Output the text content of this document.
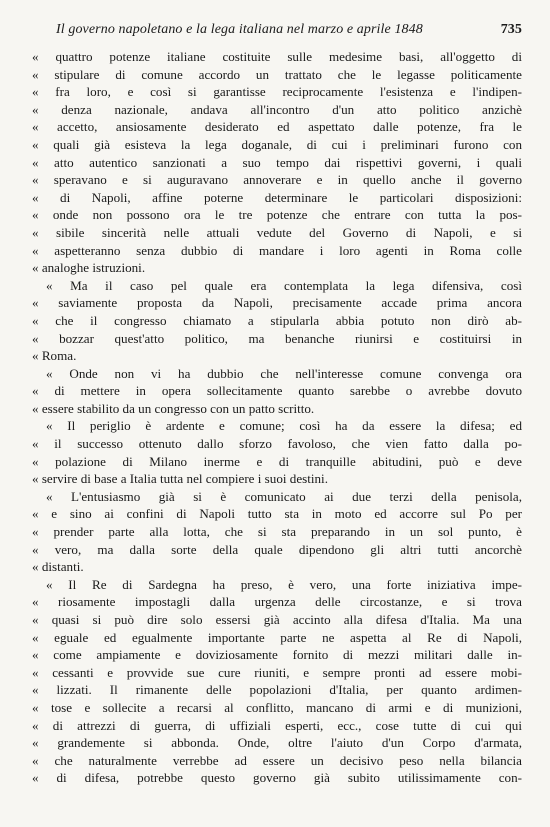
Il governo napoletano e la lega italiana nel marzo e aprile 1848	735
« quattro potenze italiane costituite sulle medesime basi, all'oggetto di
« stipulare di comune accordo un trattato che le legasse politicamente
« fra loro, e così si garantisse reciprocamente l'esistenza e l'indipen-
« denza nazionale, andava all'incontro d'un atto politico anzichè
« accetto, ansiosamente desiderato ed aspettato dalle potenze, fra le
« quali già esisteva la lega doganale, di cui i preliminari furono con
« atto autentico sanzionati a suo tempo dai rispettivi governi, i quali
« speravano e si auguravano annoverare e in quello anche il governo
« di Napoli, affine poterne determinare le particolari disposizioni:
« onde non possono ora le tre potenze che entrare con tutta la pos-
« sibile sincerità nelle attuali vedute del Governo di Napoli, e si
« aspetteranno senza dubbio di mandare i loro agenti in Roma colle
« analoghe istruzioni.
« Ma il caso pel quale era contemplata la lega difensiva, così
« saviamente proposta da Napoli, precisamente accade prima ancora
« che il congresso chiamato a stipularla abbia potuto non dirò ab-
« bozzar quest'atto politico, ma benanche riunirsi e costituirsi in
« Roma.
« Onde non vi ha dubbio che nell'interesse comune convenga ora
« di mettere in opera sollecitamente quanto sarebbe o avrebbe dovuto
« essere stabilito da un congresso con un patto scritto.
« Il periglio è ardente e comune; così ha da essere la difesa; ed
« il successo ottenuto dallo sforzo favoloso, che vien fatto dalla po-
« polazione di Milano inerme e di tranquille abitudini, può e deve
« servire di base a Italia tutta nel compiere i suoi destini.
« L'entusiasmo già si è comunicato ai due terzi della penisola,
« e sino ai confini di Napoli tutto sta in moto ed accorre sul Po per
« prender parte alla lotta, che si sta preparando in un sol punto, è
« vero, ma dalla sorte della quale dipendono gli altri tutti ancorchè
« distanti.
« Il Re di Sardegna ha preso, è vero, una forte iniziativa impe-
« riosamente impostagli dalla urgenza delle circostanze, e si trova
« quasi si può dire solo essersi già accinto alla difesa d'Italia. Ma una
« eguale ed egualmente importante parte ne aspetta al Re di Napoli,
« come ampiamente e doviziosamente fornito di mezzi militari dalle in-
« cessanti e provvide sue cure riuniti, e sempre pronti ad essere mobi-
« lizzati. Il rimanente delle popolazioni d'Italia, per quanto ardimen-
« tose e sollecite a recarsi al conflitto, mancano di armi e di munizioni,
« di attrezzi di guerra, di uffiziali esperti, ecc., cose tutte di cui qui
« grandemente si abbonda. Onde, oltre l'aiuto d'un Corpo d'armata,
« che naturalmente verrebbe ad essere un decisivo peso nella bilancia
« di difesa, potrebbe questo governo già subito utilissimamente con-
